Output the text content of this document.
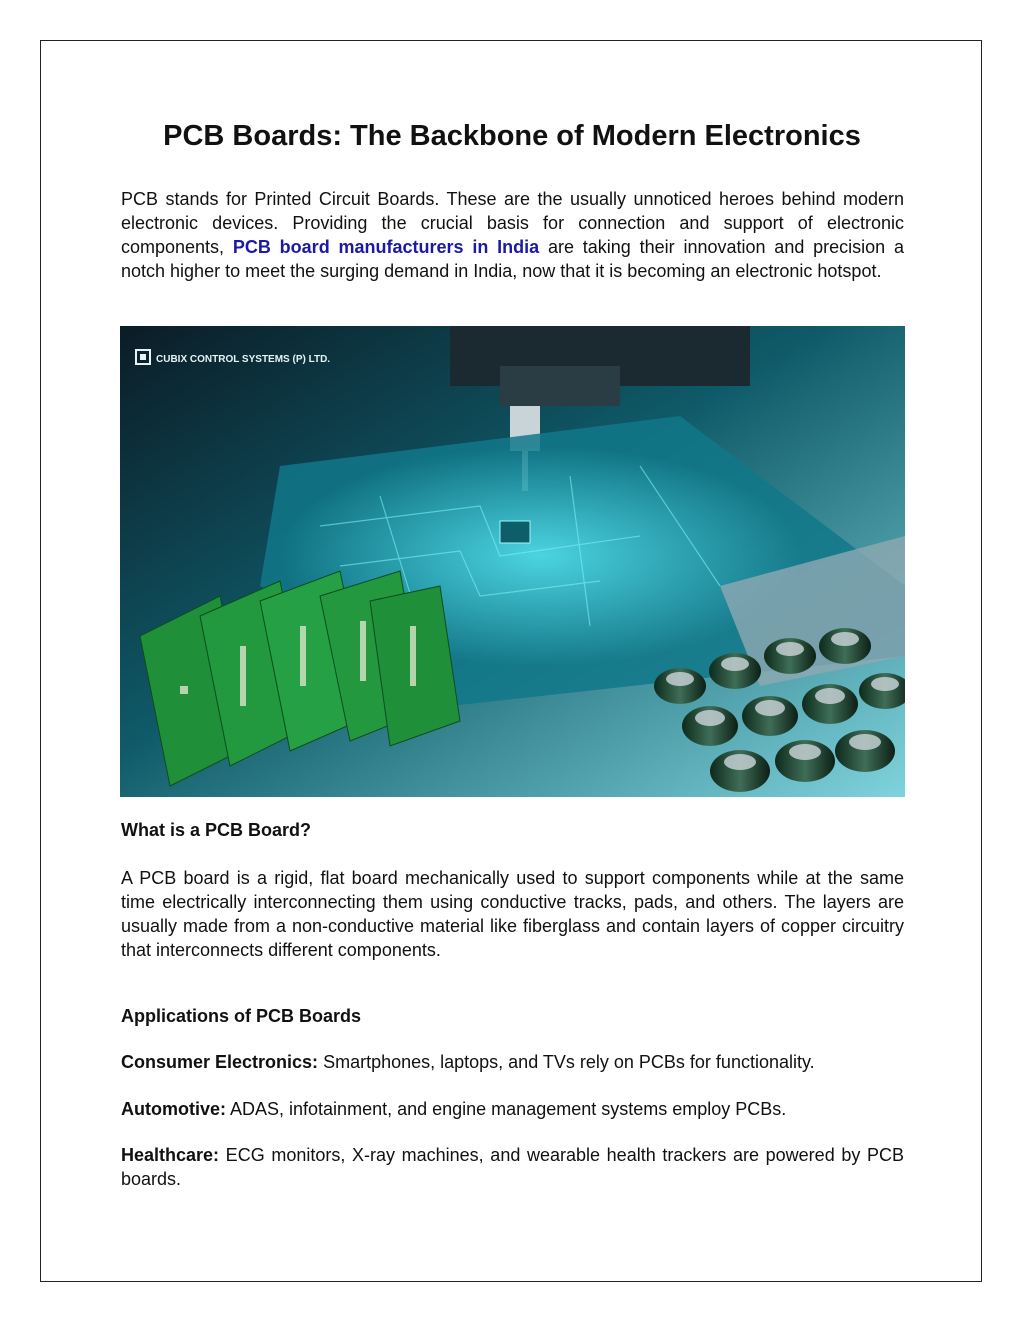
PCB Boards: The Backbone of Modern Electronics

PCB stands for Printed Circuit Boards. These are the usually unnoticed heroes behind modern electronic devices. Providing the crucial basis for connection and support of electronic components, PCB board manufacturers in India are taking their innovation and precision a notch higher to meet the surging demand in India, now that it is becoming an electronic hotspot.

CUBIX CONTROL SYSTEMS (P) LTD.

What is a PCB Board?

A PCB board is a rigid, flat board mechanically used to support components while at the same time electrically interconnecting them using conductive tracks, pads, and others. The layers are usually made from a non-conductive material like fiberglass and contain layers of copper circuitry that interconnects different components.

Applications of PCB Boards

Consumer Electronics: Smartphones, laptops, and TVs rely on PCBs for functionality.

Automotive: ADAS, infotainment, and engine management systems employ PCBs.

Healthcare: ECG monitors, X-ray machines, and wearable health trackers are powered by PCB boards.
